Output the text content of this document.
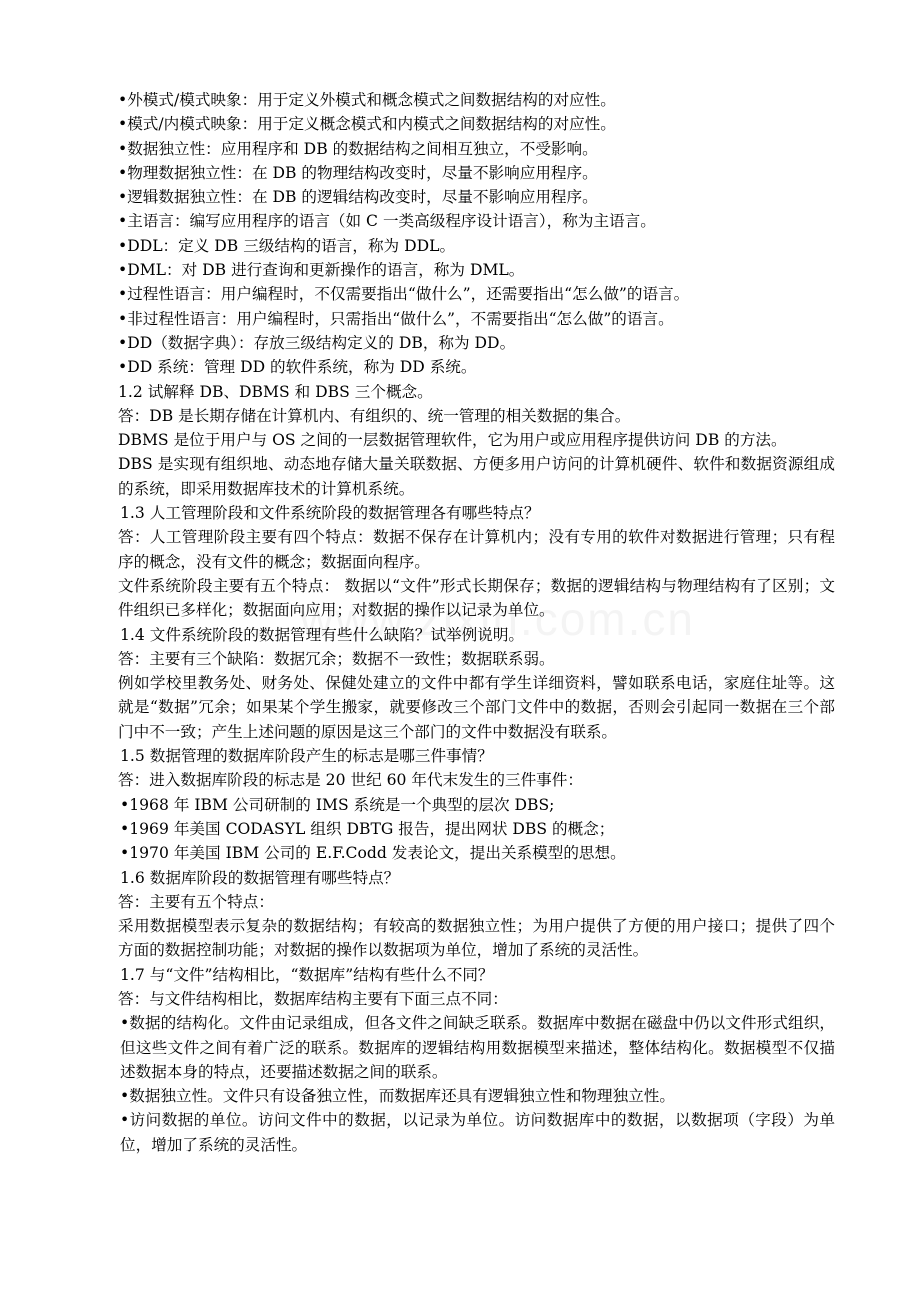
•外模式/模式映象：用于定义外模式和概念模式之间数据结构的对应性。
•模式/内模式映象：用于定义概念模式和内模式之间数据结构的对应性。
•数据独立性：应用程序和 DB 的数据结构之间相互独立，不受影响。
•物理数据独立性：在 DB 的物理结构改变时，尽量不影响应用程序。
•逻辑数据独立性：在 DB 的逻辑结构改变时，尽量不影响应用程序。
•主语言：编写应用程序的语言（如 C 一类高级程序设计语言），称为主语言。
•DDL：定义 DB 三级结构的语言，称为 DDL。
•DML：对 DB 进行查询和更新操作的语言，称为 DML。
•过程性语言：用户编程时，不仅需要指出“做什么”，还需要指出“怎么做”的语言。
•非过程性语言：用户编程时，只需指出“做什么”，不需要指出“怎么做”的语言。
•DD（数据字典）：存放三级结构定义的 DB，称为 DD。
•DD 系统：管理 DD 的软件系统，称为 DD 系统。
1.2 试解释 DB、DBMS 和 DBS 三个概念。
答：DB 是长期存储在计算机内、有组织的、统一管理的相关数据的集合。
DBMS 是位于用户与 OS 之间的一层数据管理软件，它为用户或应用程序提供访问 DB 的方法。
DBS 是实现有组织地、动态地存储大量关联数据、方便多用户访问的计算机硬件、软件和数据资源组成的系统，即采用数据库技术的计算机系统。
1.3 人工管理阶段和文件系统阶段的数据管理各有哪些特点？
答：人工管理阶段主要有四个特点：数据不保存在计算机内；没有专用的软件对数据进行管理；只有程序的概念，没有文件的概念；数据面向程序。
文件系统阶段主要有五个特点： 数据以“文件”形式长期保存；数据的逻辑结构与物理结构有了区别；文件组织已多样化；数据面向应用；对数据的操作以记录为单位。
1.4 文件系统阶段的数据管理有些什么缺陷？试举例说明。
答：主要有三个缺陷：数据冗余；数据不一致性；数据联系弱。
例如学校里教务处、财务处、保健处建立的文件中都有学生详细资料，譬如联系电话，家庭住址等。这就是“数据”冗余；如果某个学生搬家，就要修改三个部门文件中的数据，否则会引起同一数据在三个部门中不一致；产生上述问题的原因是这三个部门的文件中数据没有联系。
1.5 数据管理的数据库阶段产生的标志是哪三件事情？
答：进入数据库阶段的标志是 20 世纪 60 年代末发生的三件事件：
•1968 年 IBM 公司研制的 IMS 系统是一个典型的层次 DBS;
•1969 年美国 CODASYL 组织 DBTG 报告，提出网状 DBS 的概念；
•1970 年美国 IBM 公司的 E.F.Codd 发表论文，提出关系模型的思想。
1.6 数据库阶段的数据管理有哪些特点？
答：主要有五个特点：
采用数据模型表示复杂的数据结构；有较高的数据独立性；为用户提供了方便的用户接口；提供了四个方面的数据控制功能；对数据的操作以数据项为单位，增加了系统的灵活性。
1.7 与“文件”结构相比，“数据库”结构有些什么不同？
答：与文件结构相比，数据库结构主要有下面三点不同：
•数据的结构化。文件由记录组成，但各文件之间缺乏联系。数据库中数据在磁盘中仍以文件形式组织，但这些文件之间有着广泛的联系。数据库的逻辑结构用数据模型来描述，整体结构化。数据模型不仅描述数据本身的特点，还要描述数据之间的联系。
•数据独立性。文件只有设备独立性，而数据库还具有逻辑独立性和物理独立性。
•访问数据的单位。访问文件中的数据，以记录为单位。访问数据库中的数据，以数据项（字段）为单位，增加了系统的灵活性。
